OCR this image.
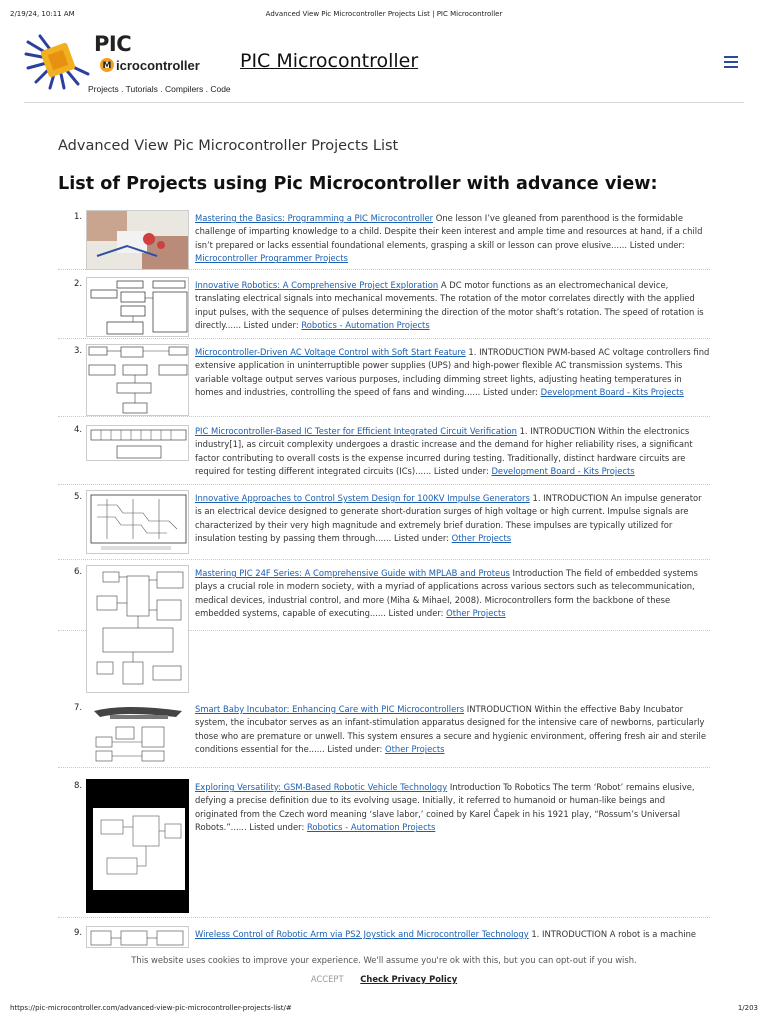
2/19/24, 10:11 AM	Advanced View Pic Microcontroller Projects List | PIC Microcontroller
PIC
M icrocontroller
Projects . Tutorials . Compilers . Code
PIC Microcontroller
Advanced View Pic Microcontroller Projects List
List of Projects using Pic Microcontroller with advance view:
1.	Mastering the Basics: Programming a PIC Microcontroller One lesson I’ve gleaned from parenthood is the formidable challenge of imparting knowledge to a child. Despite their keen interest and ample time and resources at hand, if a child isn’t prepared or lacks essential foundational elements, grasping a skill or lesson can prove elusive...... Listed under: Microcontroller Programmer Projects

2.	Innovative Robotics: A Comprehensive Project Exploration A DC motor functions as an electromechanical device, translating electrical signals into mechanical movements. The rotation of the motor correlates directly with the applied input pulses, with the sequence of pulses determining the direction of the motor shaft’s rotation. The speed of rotation is directly...... Listed under: Robotics - Automation Projects

3.	Microcontroller-Driven AC Voltage Control with Soft Start Feature 1. INTRODUCTION PWM-based AC voltage controllers find extensive application in uninterruptible power supplies (UPS) and high-power flexible AC transmission systems. This variable voltage output serves various purposes, including dimming street lights, adjusting heating temperatures in homes and industries, controlling the speed of fans and winding...... Listed under: Development Board - Kits Projects

4.	PIC Microcontroller-Based IC Tester for Efficient Integrated Circuit Verification 1. INTRODUCTION Within the electronics industry[1], as circuit complexity undergoes a drastic increase and the demand for higher reliability rises, a significant factor contributing to overall costs is the expense incurred during testing. Traditionally, distinct hardware circuits are required for testing different integrated circuits (ICs)...... Listed under: Development Board - Kits Projects

5.	Innovative Approaches to Control System Design for 100KV Impulse Generators 1. INTRODUCTION An impulse generator is an electrical device designed to generate short-duration surges of high voltage or high current. Impulse signals are characterized by their very high magnitude and extremely brief duration. These impulses are typically utilized for insulation testing by passing them through...... Listed under: Other Projects

6.	Mastering PIC 24F Series: A Comprehensive Guide with MPLAB and Proteus Introduction The field of embedded systems plays a crucial role in modern society, with a myriad of applications across various sectors such as telecommunication, medical devices, industrial control, and more (Miha & Mihael, 2008). Microcontrollers form the backbone of these embedded systems, capable of executing...... Listed under: Other Projects

7.	Smart Baby Incubator: Enhancing Care with PIC Microcontrollers INTRODUCTION Within the effective Baby Incubator system, the incubator serves as an infant-stimulation apparatus designed for the intensive care of newborns, particularly those who are premature or unwell. This system ensures a secure and hygienic environment, offering fresh air and sterile conditions essential for the...... Listed under: Other Projects

8.	Exploring Versatility: GSM-Based Robotic Vehicle Technology Introduction To Robotics The term ‘Robot’ remains elusive, defying a precise definition due to its evolving usage. Initially, it referred to humanoid or human-like beings and originated from the Czech word meaning ‘slave labor,’ coined by Karel Čapek in his 1921 play, “Rossum’s Universal Robots.”...... Listed under: Robotics - Automation Projects

9.	Wireless Control of Robotic Arm via PS2 Joystick and Microcontroller Technology 1. INTRODUCTION A robot is a machine

This website uses cookies to improve your experience. We'll assume you're ok with this, but you can opt-out if you wish.
ACCEPT Check Privacy Policy
https://pic-microcontroller.com/advanced-view-pic-microcontroller-projects-list/#	1/203
